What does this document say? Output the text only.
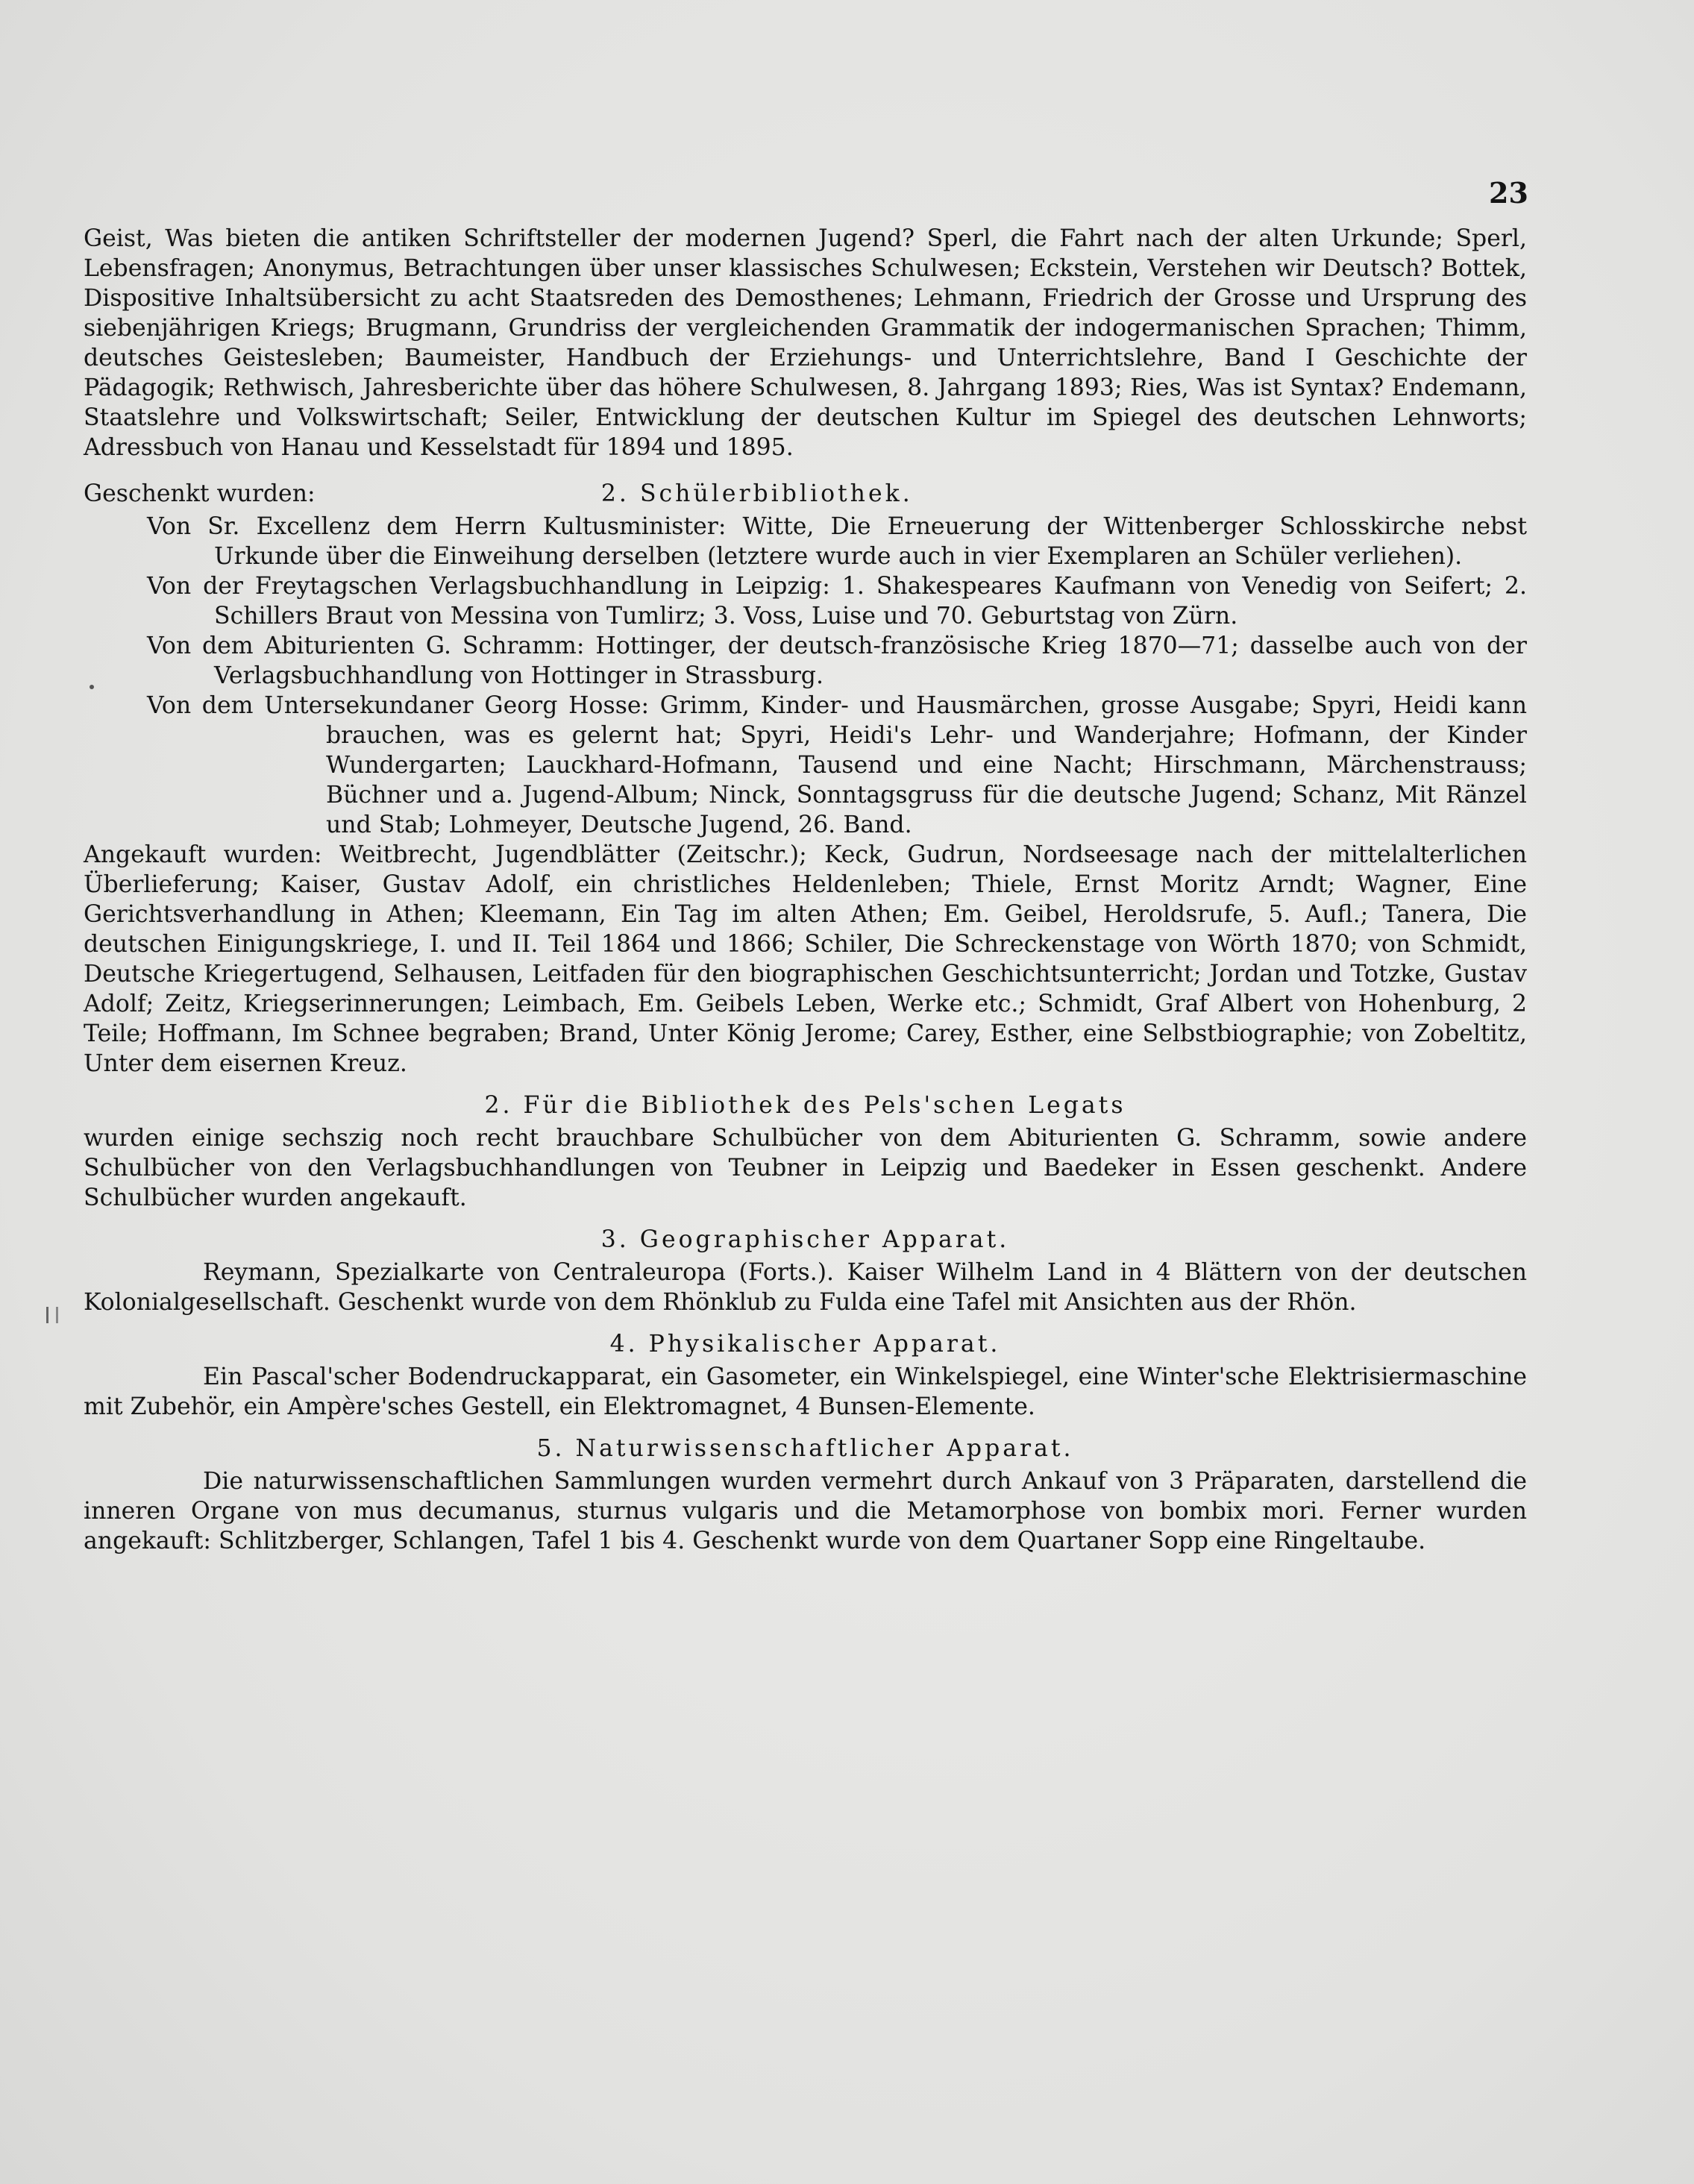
23

Geist, Was bieten die antiken Schriftsteller der modernen Jugend? Sperl, die Fahrt nach der alten Urkunde; Sperl, Lebensfragen; Anonymus, Betrachtungen über unser klassisches Schulwesen; Eckstein, Verstehen wir Deutsch? Bottek, Dispositive Inhaltsübersicht zu acht Staatsreden des Demosthenes; Lehmann, Friedrich der Grosse und Ursprung des siebenjährigen Kriegs; Brugmann, Grundriss der vergleichenden Grammatik der indogermanischen Sprachen; Thimm, deutsches Geistesleben; Baumeister, Handbuch der Erziehungs- und Unterrichtslehre, Band I Geschichte der Pädagogik; Rethwisch, Jahresberichte über das höhere Schulwesen, 8. Jahrgang 1893; Ries, Was ist Syntax? Endemann, Staatslehre und Volkswirtschaft; Seiler, Entwicklung der deutschen Kultur im Spiegel des deutschen Lehnworts; Adressbuch von Hanau und Kesselstadt für 1894 und 1895.

Geschenkt wurden:	2. Schülerbibliothek.

Von Sr. Excellenz dem Herrn Kultusminister: Witte, Die Erneuerung der Wittenberger Schlosskirche nebst Urkunde über die Einweihung derselben (letztere wurde auch in vier Exemplaren an Schüler verliehen).

Von der Freytagschen Verlagsbuchhandlung in Leipzig: 1. Shakespeares Kaufmann von Venedig von Seifert; 2. Schillers Braut von Messina von Tumlirz; 3. Voss, Luise und 70. Geburtstag von Zürn.

Von dem Abiturienten G. Schramm: Hottinger, der deutsch-französische Krieg 1870—71; dasselbe auch von der Verlagsbuchhandlung von Hottinger in Strassburg.

Von dem Untersekundaner Georg Hosse: Grimm, Kinder- und Hausmärchen, grosse Ausgabe; Spyri, Heidi kann brauchen, was es gelernt hat; Spyri, Heidi's Lehr- und Wanderjahre; Hofmann, der Kinder Wundergarten; Lauckhard-Hofmann, Tausend und eine Nacht; Hirschmann, Märchenstrauss; Büchner und a. Jugend-Album; Ninck, Sonntagsgruss für die deutsche Jugend; Schanz, Mit Ränzel und Stab; Lohmeyer, Deutsche Jugend, 26. Band.

Angekauft wurden: Weitbrecht, Jugendblätter (Zeitschr.); Keck, Gudrun, Nordseesage nach der mittelalterlichen Überlieferung; Kaiser, Gustav Adolf, ein christliches Heldenleben; Thiele, Ernst Moritz Arndt; Wagner, Eine Gerichtsverhandlung in Athen; Kleemann, Ein Tag im alten Athen; Em. Geibel, Heroldsrufe, 5. Aufl.; Tanera, Die deutschen Einigungskriege, I. und II. Teil 1864 und 1866; Schiler, Die Schreckenstage von Wörth 1870; von Schmidt, Deutsche Kriegertugend, Selhausen, Leitfaden für den biographischen Geschichtsunterricht; Jordan und Totzke, Gustav Adolf; Zeitz, Kriegserinnerungen; Leimbach, Em. Geibels Leben, Werke etc.; Schmidt, Graf Albert von Hohenburg, 2 Teile; Hoffmann, Im Schnee begraben; Brand, Unter König Jerome; Carey, Esther, eine Selbstbiographie; von Zobeltitz, Unter dem eisernen Kreuz.

2. Für die Bibliothek des Pels'schen Legats

wurden einige sechszig noch recht brauchbare Schulbücher von dem Abiturienten G. Schramm, sowie andere Schulbücher von den Verlagsbuchhandlungen von Teubner in Leipzig und Baedeker in Essen geschenkt. Andere Schulbücher wurden angekauft.

3. Geographischer Apparat.

Reymann, Spezialkarte von Centraleuropa (Forts.). Kaiser Wilhelm Land in 4 Blättern von der deutschen Kolonialgesellschaft. Geschenkt wurde von dem Rhönklub zu Fulda eine Tafel mit Ansichten aus der Rhön.

4. Physikalischer Apparat.

Ein Pascal'scher Bodendruckapparat, ein Gasometer, ein Winkelspiegel, eine Winter'sche Elektrisiermaschine mit Zubehör, ein Ampère'sches Gestell, ein Elektromagnet, 4 Bunsen-Elemente.

5. Naturwissenschaftlicher Apparat.

Die naturwissenschaftlichen Sammlungen wurden vermehrt durch Ankauf von 3 Präparaten, darstellend die inneren Organe von mus decumanus, sturnus vulgaris und die Metamorphose von bombix mori. Ferner wurden angekauft: Schlitzberger, Schlangen, Tafel 1 bis 4. Geschenkt wurde von dem Quartaner Sopp eine Ringeltaube.
